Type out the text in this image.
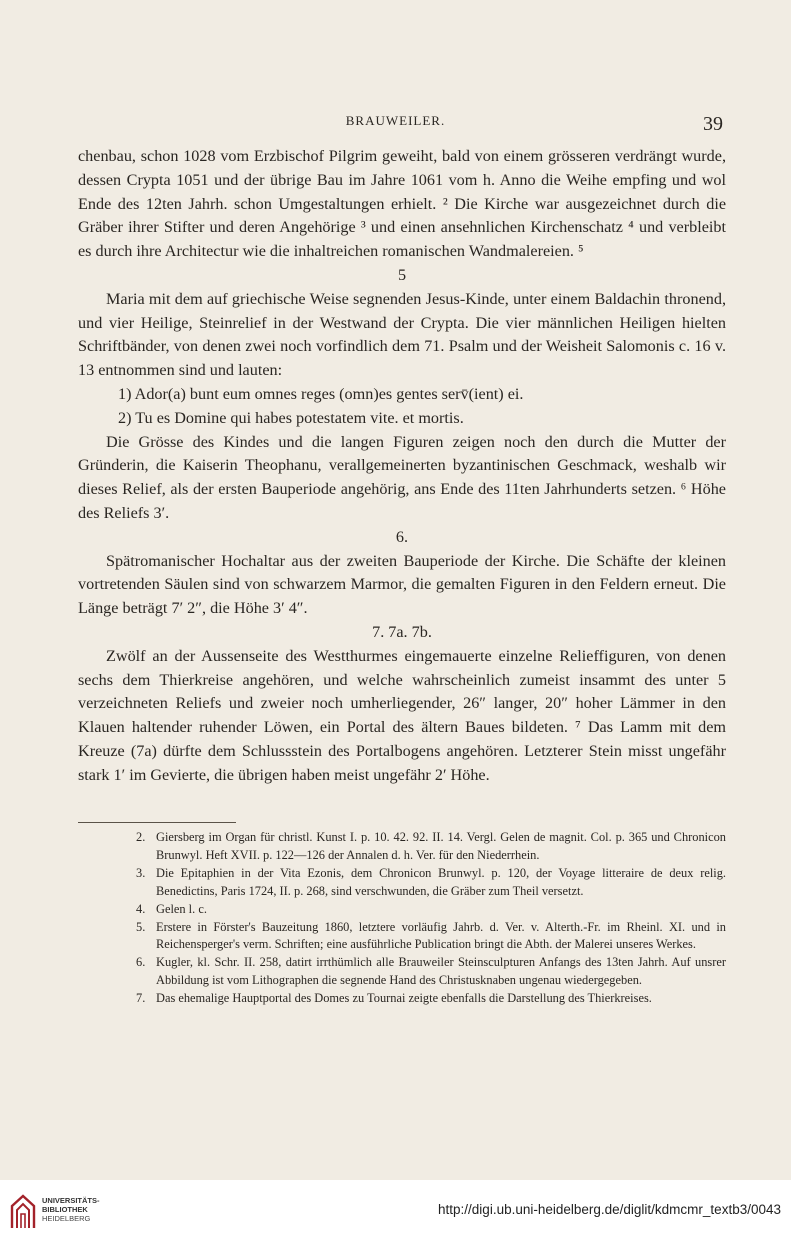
BRAUWEILER.	39

chenbau, schon 1028 vom Erzbischof Pilgrim geweiht, bald von einem grösseren verdrängt wurde, dessen Crypta 1051 und der übrige Bau im Jahre 1061 vom h. Anno die Weihe empfing und wol Ende des 12ten Jahrh. schon Umgestaltungen erhielt. ² Die Kirche war ausgezeichnet durch die Gräber ihrer Stifter und deren Angehörige ³ und einen ansehnlichen Kirchenschatz ⁴ und verbleibt es durch ihre Architectur wie die inhaltreichen romanischen Wandmalereien. ⁵

5

Maria mit dem auf griechische Weise segnenden Jesus-Kinde, unter einem Baldachin thronend, und vier Heilige, Steinrelief in der Westwand der Crypta. Die vier männlichen Heiligen hielten Schriftbänder, von denen zwei noch vorfindlich dem 71. Psalm und der Weisheit Salomonis c. 16 v. 13 entnommen sind und lauten:

1) Ador(a) bunt eum omnes reges (omn)es gentes serv̄(ient) ei.

2) Tu es Domine qui habes potestatem vite. et mortis.

Die Grösse des Kindes und die langen Figuren zeigen noch den durch die Mutter der Gründerin, die Kaiserin Theophanu, verallgemeinerten byzantinischen Geschmack, weshalb wir dieses Relief, als der ersten Bauperiode angehörig, ans Ende des 11ten Jahrhunderts setzen. ⁶ Höhe des Reliefs 3′.

6.

Spätromanischer Hochaltar aus der zweiten Bauperiode der Kirche. Die Schäfte der kleinen vortretenden Säulen sind von schwarzem Marmor, die gemalten Figuren in den Feldern erneut. Die Länge beträgt 7′ 2″, die Höhe 3′ 4″.

7. 7a. 7b.

Zwölf an der Aussenseite des Westthurmes eingemauerte einzelne Relieffiguren, von denen sechs dem Thierkreise angehören, und welche wahrscheinlich zumeist insammt des unter 5 verzeichneten Reliefs und zweier noch umherliegender, 26″ langer, 20″ hoher Lämmer in den Klauen haltender ruhender Löwen, ein Portal des ältern Baues bildeten. ⁷ Das Lamm mit dem Kreuze (7a) dürfte dem Schlussstein des Portalbogens angehören. Letzterer Stein misst ungefähr stark 1′ im Gevierte, die übrigen haben meist ungefähr 2′ Höhe.

2. Giersberg im Organ für christl. Kunst I. p. 10. 42. 92. II. 14. Vergl. Gelen de magnit. Col. p. 365 und Chronicon Brunwyl. Heft XVII. p. 122—126 der Annalen d. h. Ver. für den Niederrhein.
3. Die Epitaphien in der Vita Ezonis, dem Chronicon Brunwyl. p. 120, der Voyage litteraire de deux relig. Benedictins, Paris 1724, II. p. 268, sind verschwunden, die Gräber zum Theil versetzt.
4. Gelen l. c.
5. Erstere in Förster's Bauzeitung 1860, letztere vorläufig Jahrb. d. Ver. v. Alterth.-Fr. im Rheinl. XI. und in Reichensperger's verm. Schriften; eine ausführliche Publication bringt die Abth. der Malerei unseres Werkes.
6. Kugler, kl. Schr. II. 258, datirt irrthümlich alle Brauweiler Steinsculpturen Anfangs des 13ten Jahrh. Auf unsrer Abbildung ist vom Lithographen die segnende Hand des Christusknaben ungenau wiedergegeben.
7. Das ehemalige Hauptportal des Domes zu Tournai zeigte ebenfalls die Darstellung des Thierkreises.
UNIVERSITÄTS-
BIBLIOTHEK
HEIDELBERG
http://digi.ub.uni-heidelberg.de/diglit/kdmcmr_textb3/0043
